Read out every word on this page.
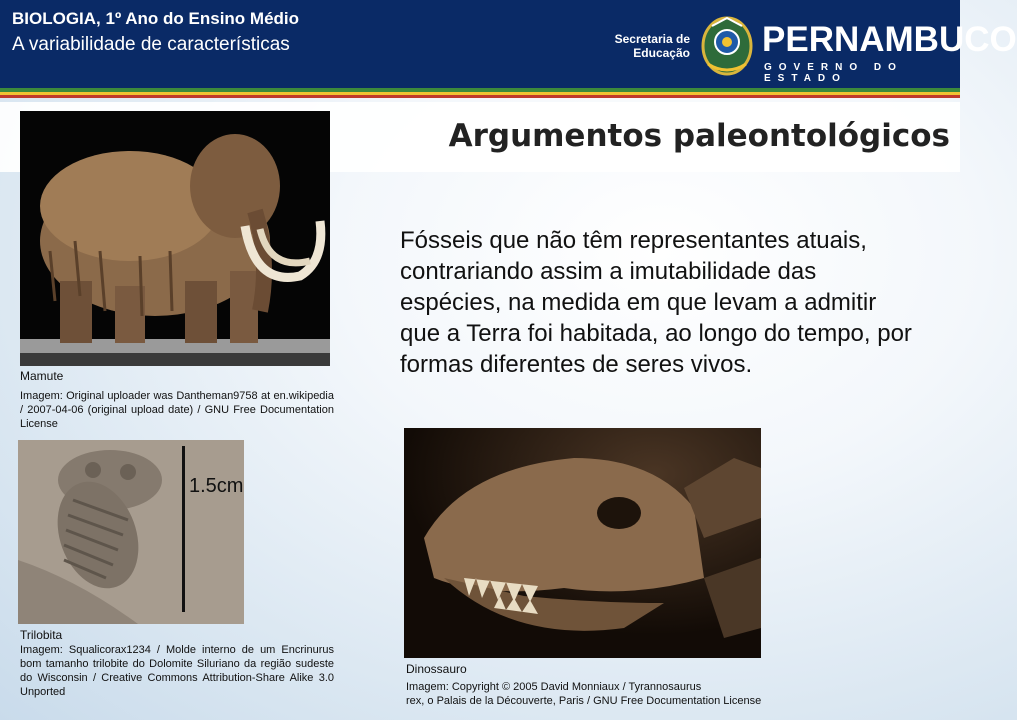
BIOLOGIA, 1º Ano do Ensino Médio
A variabilidade de características	Secretaria de
Educação PERNAMBUCO
GOVERNO DO ESTADO
Argumentos paleontológicos
Mamute
Imagem: Original uploader was Dantheman9758 at en.wikipedia / 2007-04-06 (original upload date) / GNU Free Documentation License
1.5cm
Trilobita
Imagem: Squalicorax1234 / Molde interno de um Encrinurus bom tamanho trilobite do Dolomite Siluriano da região sudeste do Wisconsin / Creative Commons Attribution-Share Alike 3.0 Unported
Fósseis que não têm representantes atuais, contrariando assim a imutabilidade das espécies, na medida em que levam a admitir que a Terra foi habitada, ao longo do tempo, por formas diferentes de seres vivos.
Dinossauro
Imagem: Copyright © 2005 David Monniaux / Tyrannosaurus
rex, o Palais de la Découverte, Paris / GNU Free Documentation License
